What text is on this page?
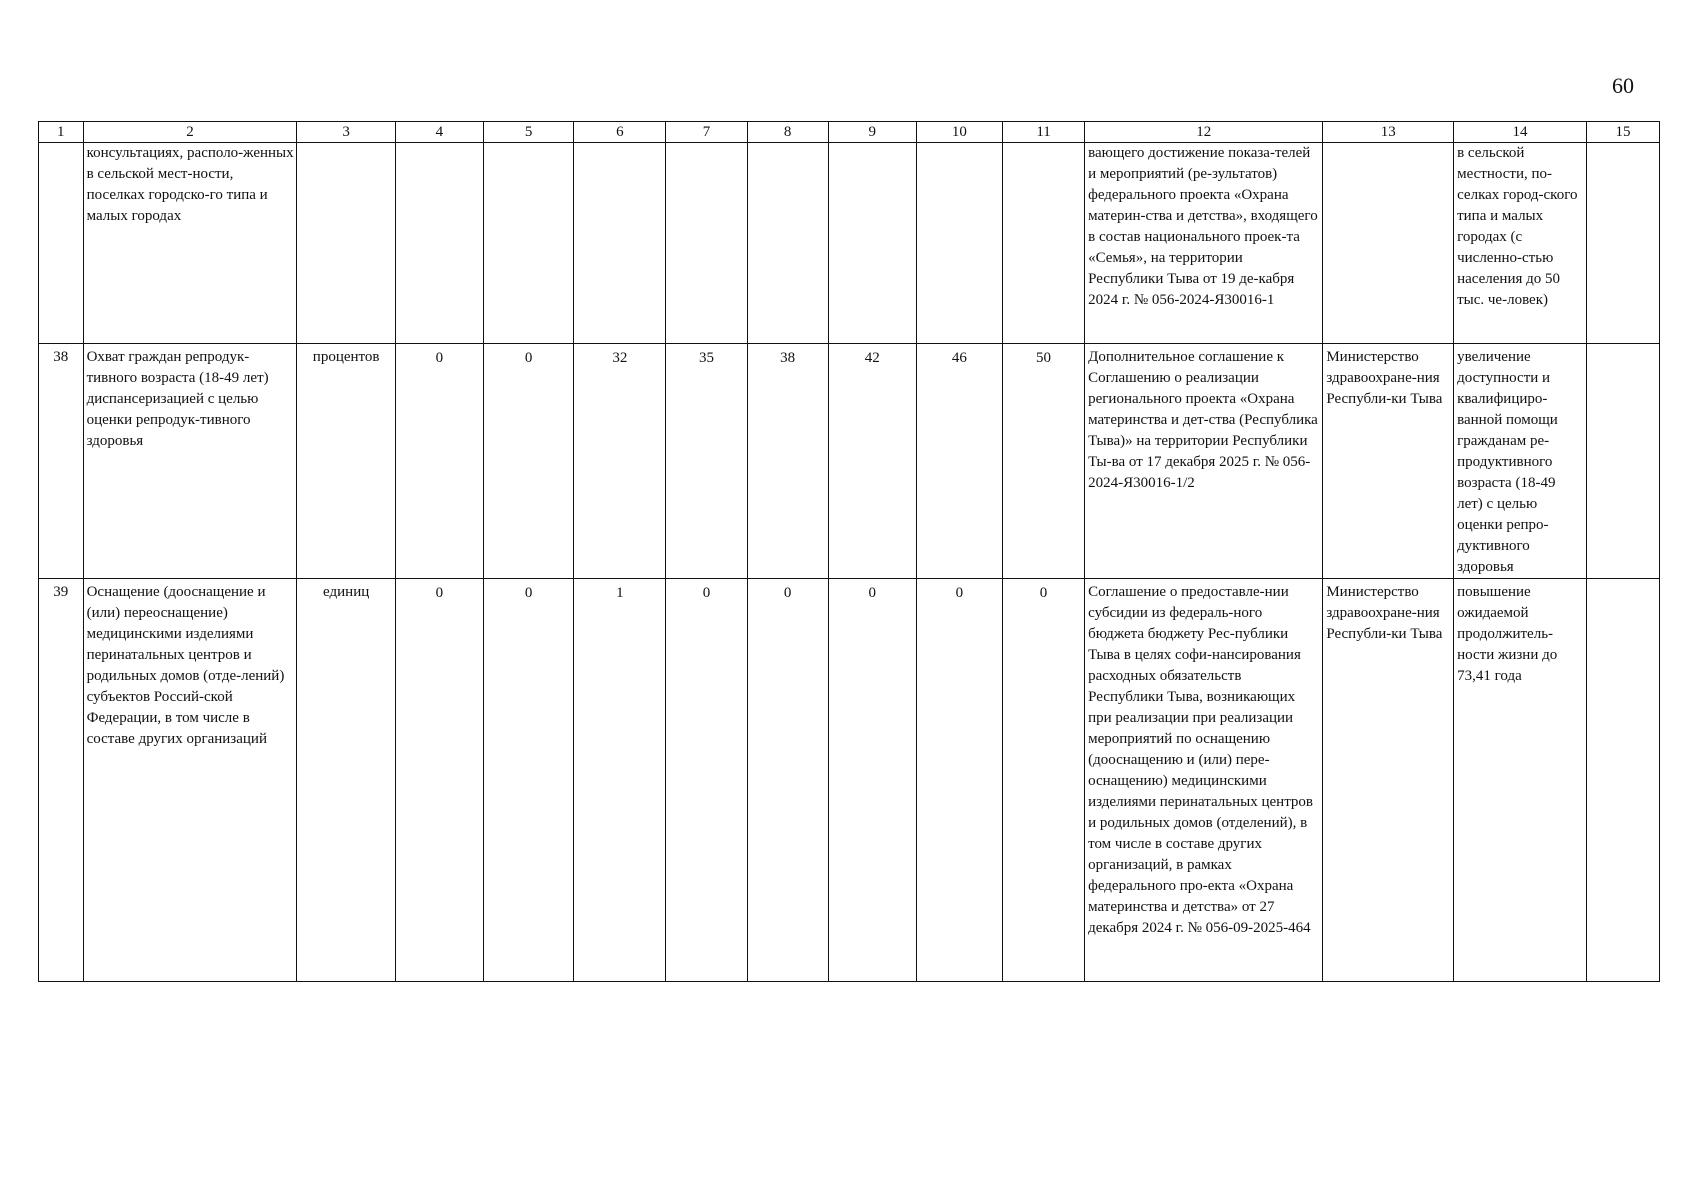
60
1	2	3	4	5	6	7	8	9	10	11	12	13	14	15
	консультациях, располо-женных в сельской мест-ности, поселках городско-го типа и малых городах										вающего достижение показа-телей и мероприятий (ре-зультатов) федерального проекта «Охрана материн-ства и детства», входящего в состав национального проек-та «Семья», на территории Республики Тыва от 19 де-кабря 2024 г. № 056-2024-Я30016-1		в сельской местности, по-селках город-ского типа и малых городах (с численно-стью населения до 50 тыс. че-ловек)	
38	Охват граждан репродук-тивного возраста (18-49 лет) диспансеризацией с целью оценки репродук-тивного здоровья	процентов	0	0	32	35	38	42	46	50	Дополнительное соглашение к Соглашению о реализации регионального проекта «Охрана материнства и дет-ства (Республика Тыва)» на территории Республики Ты-ва от 17 декабря 2025 г. № 056-2024-Я30016-1/2	Министерство здравоохране-ния Республи-ки Тыва	увеличение доступности и квалифициро-ванной помощи гражданам ре-продуктивного возраста (18-49 лет) с целью оценки репро-дуктивного здоровья	
39	Оснащение (дооснащение и (или) переоснащение) медицинскими изделиями перинатальных центров и родильных домов (отде-лений) субъектов Россий-ской Федерации, в том числе в составе других организаций	единиц	0	0	1	0	0	0	0	0	Соглашение о предоставле-нии субсидии из федераль-ного бюджета бюджету Рес-публики Тыва в целях софи-нансирования расходных обязательств Республики Тыва, возникающих при реализации при реализации мероприятий по оснащению (дооснащению и (или) пере-оснащению) медицинскими изделиями перинатальных центров и родильных домов (отделений), в том числе в составе других организаций, в рамках федерального про-екта «Охрана материнства и детства» от 27 декабря 2024 г. № 056-09-2025-464	Министерство здравоохране-ния Республи-ки Тыва	повышение ожидаемой продолжитель-ности жизни до 73,41 года	
